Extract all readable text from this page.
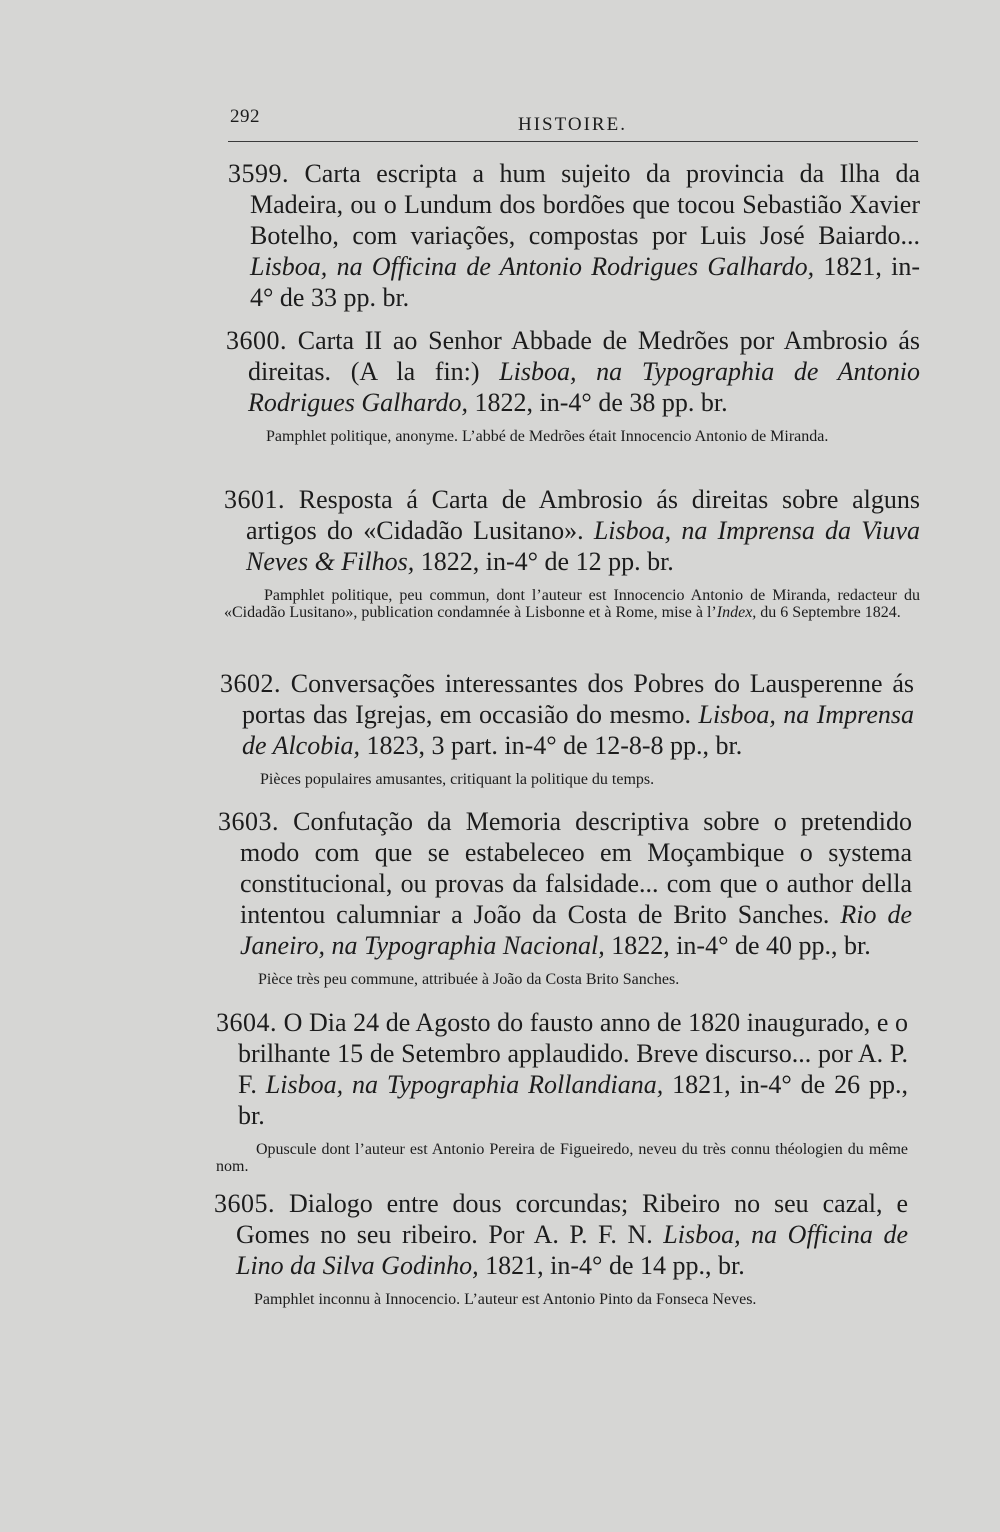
292	HISTOIRE.

3599. Carta escripta a hum sujeito da provincia da Ilha da Madeira, ou o Lundum dos bordões que tocou Sebastião Xavier Botelho, com variações, compostas por Luis José Baiardo... Lisboa, na Officina de Antonio Rodrigues Galhardo, 1821, in-4° de 33 pp. br.

3600. Carta II ao Senhor Abbade de Medrões por Ambrosio ás direitas. (A la fin:) Lisboa, na Typographia de Antonio Rodrigues Galhardo, 1822, in-4° de 38 pp. br.

Pamphlet politique, anonyme. L’abbé de Medrões était Innocencio Antonio de Miranda.

3601. Resposta á Carta de Ambrosio ás direitas sobre alguns artigos do «Cidadão Lusitano». Lisboa, na Imprensa da Viuva Neves & Filhos, 1822, in-4° de 12 pp. br.

Pamphlet politique, peu commun, dont l’auteur est Innocencio Antonio de Miranda, redacteur du «Cidadão Lusitano», publication condamnée à Lisbonne et à Rome, mise à l’Index, du 6 Septembre 1824.

3602. Conversações interessantes dos Pobres do Lausperenne ás portas das Igrejas, em occasião do mesmo. Lisboa, na Imprensa de Alcobia, 1823, 3 part. in-4° de 12-8-8 pp., br.

Pièces populaires amusantes, critiquant la politique du temps.

3603. Confutação da Memoria descriptiva sobre o pretendido modo com que se estabeleceo em Moçambique o systema constitucional, ou provas da falsidade... com que o author della intentou calumniar a João da Costa de Brito Sanches. Rio de Janeiro, na Typographia Nacional, 1822, in-4° de 40 pp., br.

Pièce très peu commune, attribuée à João da Costa Brito Sanches.

3604. O Dia 24 de Agosto do fausto anno de 1820 inaugurado, e o brilhante 15 de Setembro applaudido. Breve discurso... por A. P. F. Lisboa, na Typographia Rollandiana, 1821, in-4° de 26 pp., br.

Opuscule dont l’auteur est Antonio Pereira de Figueiredo, neveu du très connu théologien du même nom.

3605. Dialogo entre dous corcundas; Ribeiro no seu cazal, e Gomes no seu ribeiro. Por A. P. F. N. Lisboa, na Officina de Lino da Silva Godinho, 1821, in-4° de 14 pp., br.

Pamphlet inconnu à Innocencio. L’auteur est Antonio Pinto da Fonseca Neves.
